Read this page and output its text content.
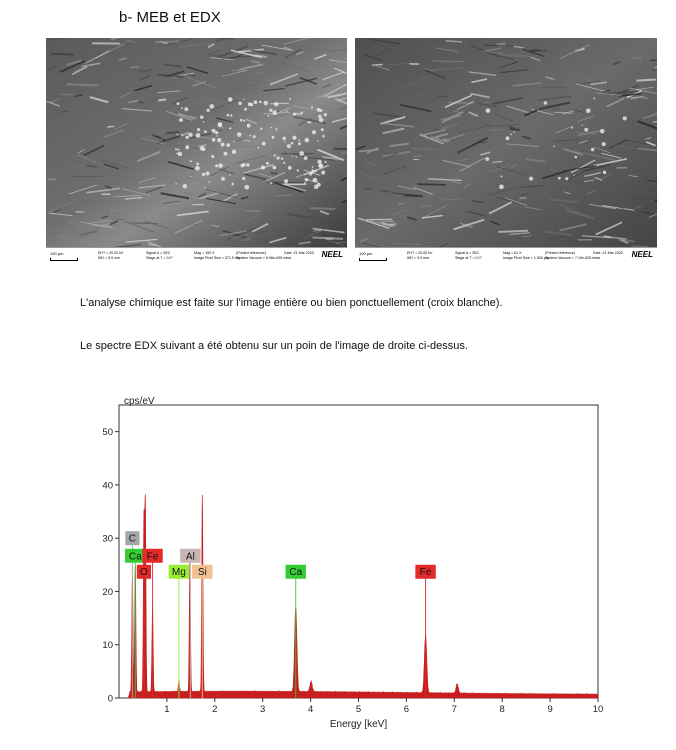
b- MEB et EDX
100 µm	EHT = 20.00 kV
WD = 9.0 mm
Signal A = SE2
Stage at T = 0.0°
Mag = 150 X
Image Pixel Size = 371.5 nm
(Printed reference)
System Vacuum = 6.96e-005 mbar
Date :21 Mar 2020 NEEL	100 µm	EHT = 20.00 kV
WD = 9.0 mm
Signal A = SE2
Stage at T = 0.0°
Mag = 61 X
Image Pixel Size = 1.526 µm
(Printed reference)
System Vacuum = 7.10e-005 mbar
Date :21 Mar 2020 NEEL
L'analyse chimique est faite sur l'image entière ou bien ponctuellement (croix blanche).
Le spectre EDX suivant a été obtenu sur un poin de l'image de droite ci-dessus.
1	2	3	4	5	6	7	8	9	10
0
10
20
30
40
50
C
Ca Fe
O
Al
Mg Si	Ca	Fe
cps/eV
Energy [keV]
